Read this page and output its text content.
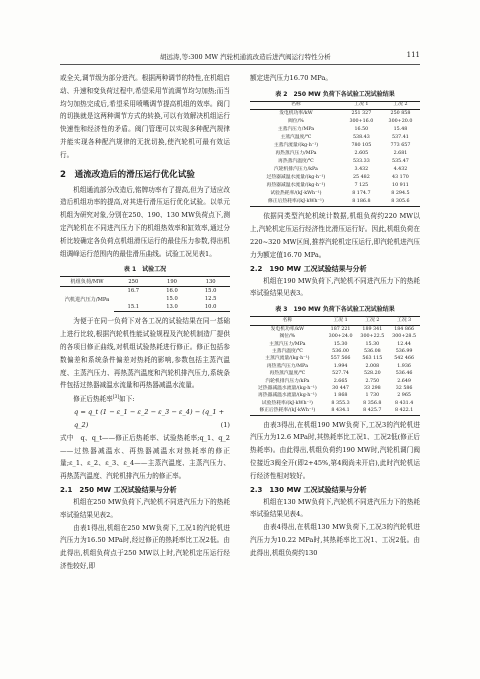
胡远涛,等:300 MW 汽轮机通流改造后进汽阀运行特性分析	111

或全关,调节级为部分进汽。根据两种调节的特性,在机组启动、升速和变负荷过程中,希望采用节流调节均匀加热;而当均匀加热完成后,希望采用喷嘴调节提高机组的效率。阀门的切换就是这两种调节方式的转换,可以有效解决机组运行快速性和经济性的矛盾。阀门管理可以实现多种配汽规律并能实现各种配汽规律的无扰切换,使汽轮机可最有效运行。

2　通流改造后的滑压运行优化试验

机组通流部分改造后,铭牌功率有了提高,但为了适应改造后机组功率的提高,对其进行滑压运行优化试验。以单元机组为研究对象,分别在250、190、130 MW负荷点下,测定汽轮机在不同进汽压力下的机组热效率和缸效率,通过分析比较确定各负荷点机组滑压运行的最佳压力参数,得出机组调峰运行范围内的最佳滑压曲线。试验工况见表1。

表 1　试验工况
机组负荷/MW	250	190	130
汽机进汽压力/MPa	16.7	16.0	15.0
		15.0	12.5
	15.1	13.0	10.0

为便于在同一负荷下对各工况的试验结果在同一基础上进行比较,根据汽轮机性能试验规程及汽轮机制造厂提供的各项目修正曲线,对机组试验热耗进行修正。修正包括参数偏差和系统条件偏差对热耗的影响,参数包括主蒸汽温度、主蒸汽压力、再热蒸汽温度和汽轮机排汽压力,系统条件包括过热器减温水流量和再热器减温水流量。

修正后热耗率[3]如下:

q = q_t (1 − ε_1 − ε_2 − ε_3 − ε_4) − (q_1 + q_2)	(1)

式中　q、q_t——修正后热耗率、试验热耗率;q_1、q_2——过热器减温水、再热器减温水对热耗率的修正量;ε_1、ε_2、ε_3、ε_4——主蒸汽温度、主蒸汽压力、再热蒸汽温度、汽轮机排汽压力的修正率。

2.1　250 MW 工况试验结果与分析

机组在250 MW负荷下,汽轮机不同进汽压力下的热耗率试验结果见表2。

由表1得出,机组在250 MW负荷下,工况1的汽轮机进汽压力为16.50 MPa时,经过修正的热耗率比工况2低。由此得出,机组负荷点于250 MW以上时,汽轮机定压运行经济性较好,即

额定进汽压力16.70 MPa。

表 2　250 MW 负荷下各试验工况试验结果
名称	工况 1	工况 2
发电机功率/kW	251 327	250 858
阀位/%	300+16.0	300+20.0
主蒸汽压力/MPa	16.50	15.48
主蒸汽温度/℃	538.43	537.41
主蒸汽流量/(kg·h⁻¹)	780 105	773 657
再热蒸汽压力/MPa	2.605	2.681
再热蒸汽温度/℃	533.33	535.47
汽轮机排汽压力/kPa	3.432	4.432
过热器减温水流量/(kg·h⁻¹)	25 482	43 170
再热器减温水流量/(kg·h⁻¹)	7 125	10 911
试验热耗率/(kJ·kWh⁻¹)	8 174.7	8 294.5
修正后热耗率/(kJ·kWh⁻¹)	8 186.8	8 305.6

依据同类型汽轮机统计数据,机组负荷约220 MW以上,汽轮机定压运行经济性比滑压运行好。因此,机组负荷在220~320 MW区间,推荐汽轮机定压运行,即汽轮机进汽压力为额定值16.70 MPa。

2.2　190 MW 工况试验结果与分析

机组在190 MW负荷下,汽轮机不同进汽压力下的热耗率试验结果见表3。

表 3　190 MW 负荷下各试验工况试验结果
名称	工况 1	工况 2	工况 3
发电机功率/kW	187 221	189 341	184 866
阀位/%	300+24.0	300+22.5	300+28.5
主蒸汽压力/MPa	15.30	15.30	12.44
主蒸汽温度/℃	536.00	536.08	536.99
主蒸汽流量/(kg·h⁻¹)	557 566	563 115	542 466
再热蒸汽压力/MPa	1.994	2.008	1.936
再热蒸汽温度/℃	527.74	528.20	536.46
汽轮机排汽压力/kPa	2.665	2.750	2.649
过热器减温水流量/(kg·h⁻¹)	30 447	33 298	32 586
再热器减温水流量/(kg·h⁻¹)	1 868	1 730	2 965
试验热耗率/(kJ·kWh⁻¹)	8 355.3	8 356.8	8 431.4
修正后热耗率/(kJ·kWh⁻¹)	8 434.1	8 425.7	8 422.1

由表3得出,在机组190 MW负荷下,工况3的汽轮机进汽压力为12.6 MPa时,其热耗率比工况1、工况2低(修正后热耗率)。由此得出,机组负荷约190 MW时,汽轮机调门阀位接近3阀全开(即2+45%,第4阀尚未开启),此时汽轮机运行经济性相对较好。

2.3　130 MW 工况试验结果与分析

机组在130 MW负荷下,汽轮机不同进汽压力下的热耗率试验结果见表4。

由表4得出,在机组130 MW负荷下,工况3的汽轮机进汽压力为10.22 MPa时,其热耗率比工况1、工况2低。由此得出,机组负荷约130
